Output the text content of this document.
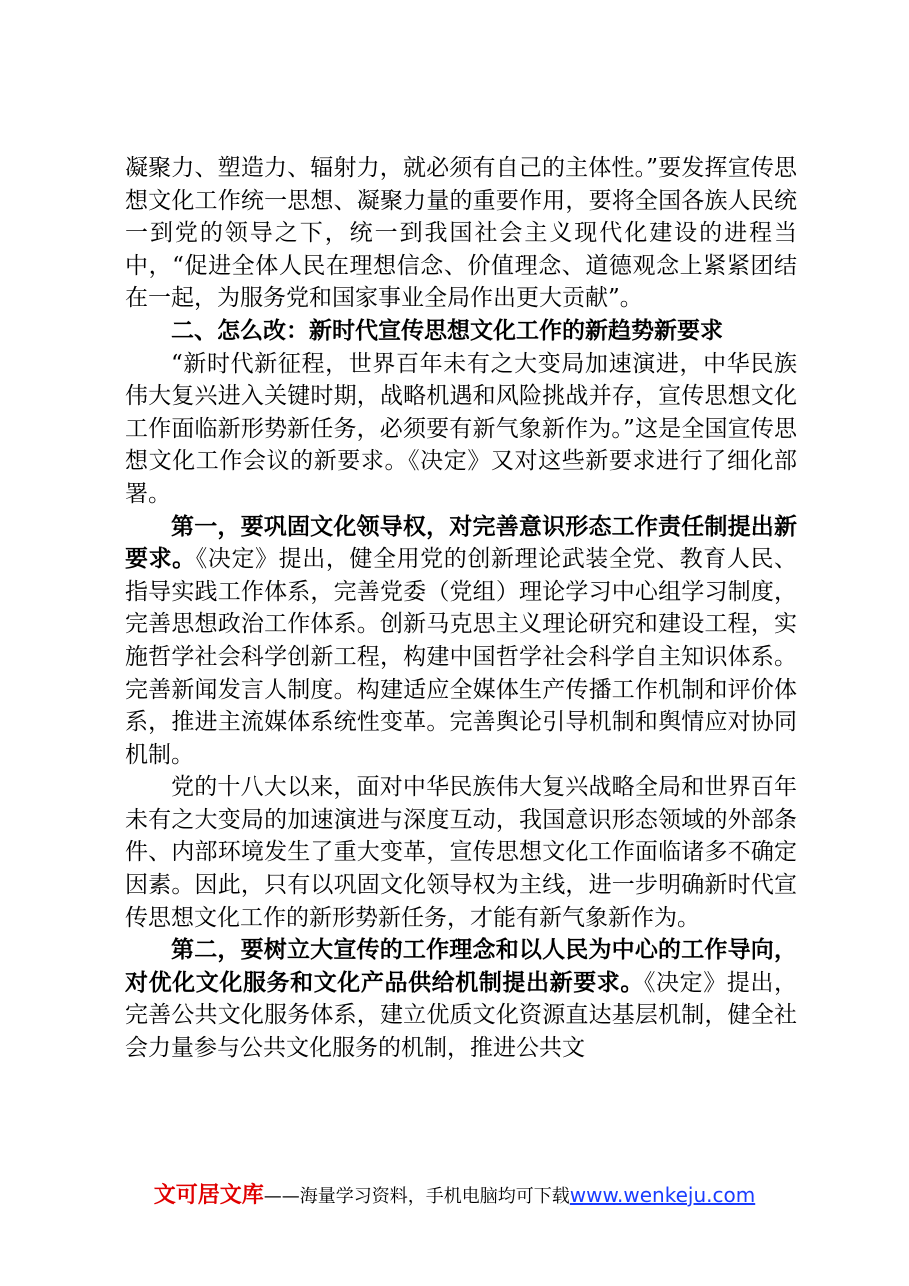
凝聚力、塑造力、辐射力，就必须有自己的主体性。”要发挥宣传思想文化工作统一思想、凝聚力量的重要作用，要将全国各族人民统一到党的领导之下，统一到我国社会主义现代化建设的进程当中，“促进全体人民在理想信念、价值理念、道德观念上紧紧团结在一起，为服务党和国家事业全局作出更大贡献”。

二、怎么改：新时代宣传思想文化工作的新趋势新要求

“新时代新征程，世界百年未有之大变局加速演进，中华民族伟大复兴进入关键时期，战略机遇和风险挑战并存，宣传思想文化工作面临新形势新任务，必须要有新气象新作为。”这是全国宣传思想文化工作会议的新要求。《决定》又对这些新要求进行了细化部署。

第一，要巩固文化领导权，对完善意识形态工作责任制提出新要求。《决定》提出，健全用党的创新理论武装全党、教育人民、指导实践工作体系，完善党委（党组）理论学习中心组学习制度，完善思想政治工作体系。创新马克思主义理论研究和建设工程，实施哲学社会科学创新工程，构建中国哲学社会科学自主知识体系。完善新闻发言人制度。构建适应全媒体生产传播工作机制和评价体系，推进主流媒体系统性变革。完善舆论引导机制和舆情应对协同机制。

党的十八大以来，面对中华民族伟大复兴战略全局和世界百年未有之大变局的加速演进与深度互动，我国意识形态领域的外部条件、内部环境发生了重大变革，宣传思想文化工作面临诸多不确定因素。因此，只有以巩固文化领导权为主线，进一步明确新时代宣传思想文化工作的新形势新任务，才能有新气象新作为。

第二，要树立大宣传的工作理念和以人民为中心的工作导向，对优化文化服务和文化产品供给机制提出新要求。《决定》提出，完善公共文化服务体系，建立优质文化资源直达基层机制，健全社会力量参与公共文化服务的机制，推进公共文

文可居文库——海量学习资料，手机电脑均可下载www.wenkeju.com
